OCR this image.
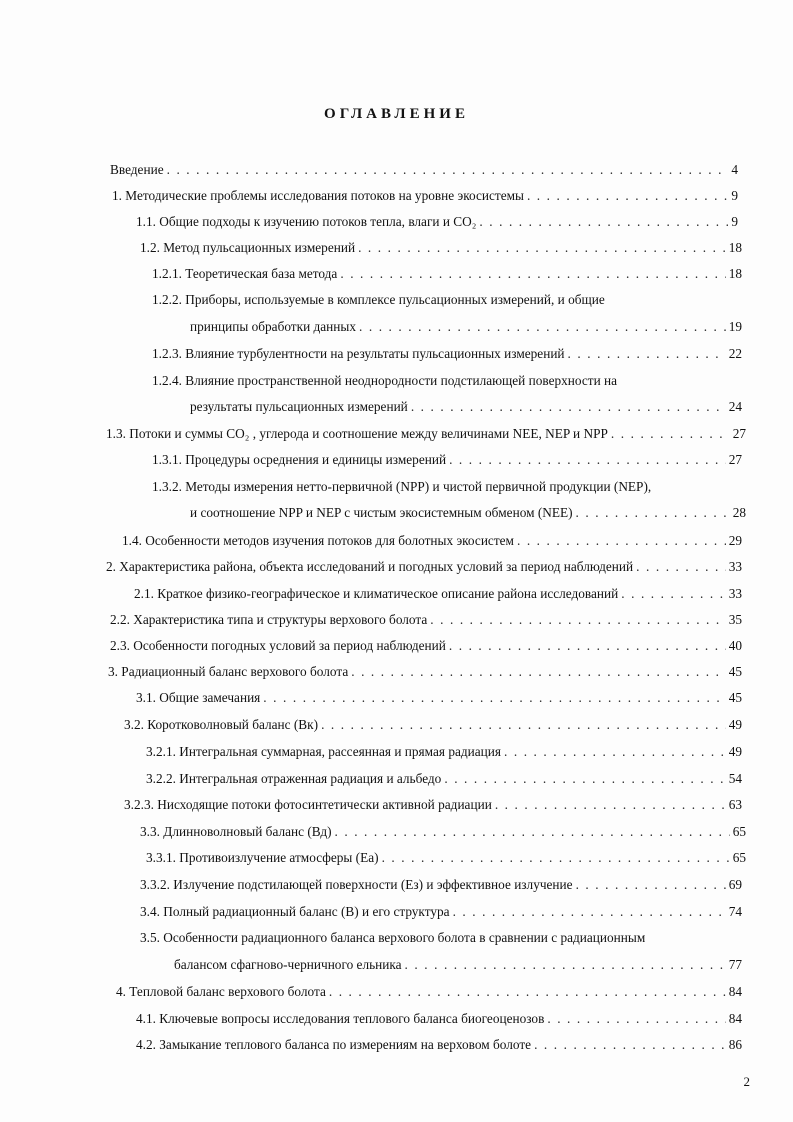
ОГЛАВЛЕНИЕ
Введение . . .	4
1. Методические проблемы исследования потоков на уровне экосистемы . . .	9
1.1. Общие подходы к изучению потоков тепла, влаги и CO₂ . . .	9
1.2. Метод пульсационных измерений . . .	18
1.2.1. Теоретическая база метода . . .	18
1.2.2. Приборы, используемые в комплексе пульсационных измерений, и общие
принципы обработки данных . . .	19
1.2.3. Влияние турбулентности на результаты пульсационных измерений . . .	22
1.2.4. Влияние пространственной неоднородности подстилающей поверхности на
результаты пульсационных измерений . . .	24
1.3. Потоки и суммы CO₂ , углерода и соотношение между величинами NEE, NEP и NPP . . .	27
1.3.1. Процедуры осреднения и единицы измерений . . .	27
1.3.2. Методы измерения нетто-первичной (NPP) и чистой первичной продукции (NEP),
и соотношение NPP и NEP с чистым экосистемным обменом (NEE) . . .	28
1.4. Особенности методов изучения потоков для болотных экосистем . . .	29
2. Характеристика района, объекта исследований и погодных условий за период наблюдений . . .	33
2.1. Краткое физико-географическое и климатическое описание района исследований . . .	33
2.2. Характеристика типа и структуры верхового болота . . .	35
2.3. Особенности погодных условий за период наблюдений . . .	40
3. Радиационный баланс верхового болота . . .	45
3.1. Общие замечания . . .	45
3.2. Коротковолновый баланс (Вк) . . .	49
3.2.1. Интегральная суммарная, рассеянная и прямая радиация . . .	49
3.2.2. Интегральная отраженная радиация и альбедо . . .	54
3.2.3. Нисходящие потоки фотосинтетически активной радиации . . .	63
3.3. Длинноволновый баланс (Вд) . . .	65
3.3.1. Противоизлучение атмосферы (Еа) . . .	65
3.3.2. Излучение подстилающей поверхности (Ез) и эффективное излучение . . .	69
3.4. Полный радиационный баланс (В) и его структура . . .	74
3.5. Особенности радиационного баланса верхового болота в сравнении с радиационным
балансом сфагново-черничного ельника . . .	77
4. Тепловой баланс верхового болота . . .	84
4.1. Ключевые вопросы исследования теплового баланса биогеоценозов . . .	84
4.2. Замыкание теплового баланса по измерениям на верховом болоте . . .	86
2
